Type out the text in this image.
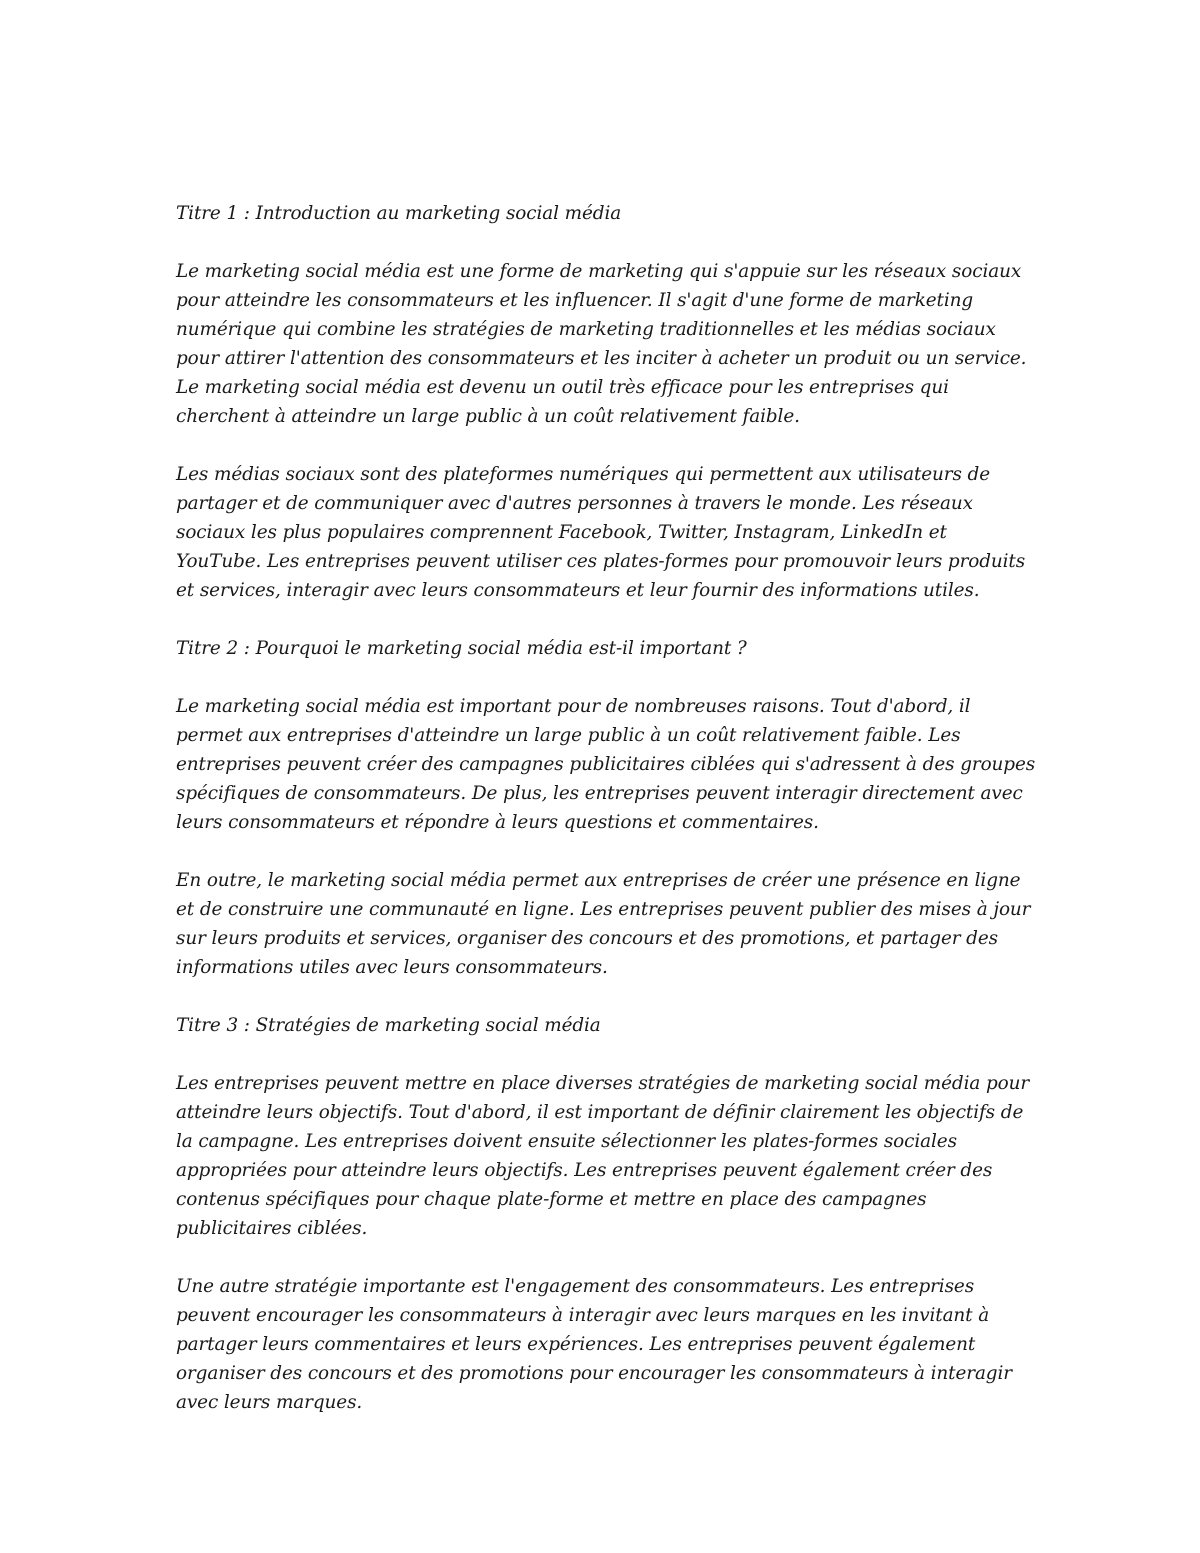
Titre 1 : Introduction au marketing social média

Le marketing social média est une forme de marketing qui s'appuie sur les réseaux sociaux pour atteindre les consommateurs et les influencer. Il s'agit d'une forme de marketing numérique qui combine les stratégies de marketing traditionnelles et les médias sociaux pour attirer l'attention des consommateurs et les inciter à acheter un produit ou un service. Le marketing social média est devenu un outil très efficace pour les entreprises qui cherchent à atteindre un large public à un coût relativement faible.

Les médias sociaux sont des plateformes numériques qui permettent aux utilisateurs de partager et de communiquer avec d'autres personnes à travers le monde. Les réseaux sociaux les plus populaires comprennent Facebook, Twitter, Instagram, LinkedIn et YouTube. Les entreprises peuvent utiliser ces plates-formes pour promouvoir leurs produits et services, interagir avec leurs consommateurs et leur fournir des informations utiles.

Titre 2 : Pourquoi le marketing social média est-il important ?

Le marketing social média est important pour de nombreuses raisons. Tout d'abord, il permet aux entreprises d'atteindre un large public à un coût relativement faible. Les entreprises peuvent créer des campagnes publicitaires ciblées qui s'adressent à des groupes spécifiques de consommateurs. De plus, les entreprises peuvent interagir directement avec leurs consommateurs et répondre à leurs questions et commentaires.

En outre, le marketing social média permet aux entreprises de créer une présence en ligne et de construire une communauté en ligne. Les entreprises peuvent publier des mises à jour sur leurs produits et services, organiser des concours et des promotions, et partager des informations utiles avec leurs consommateurs.

Titre 3 : Stratégies de marketing social média

Les entreprises peuvent mettre en place diverses stratégies de marketing social média pour atteindre leurs objectifs. Tout d'abord, il est important de définir clairement les objectifs de la campagne. Les entreprises doivent ensuite sélectionner les plates-formes sociales appropriées pour atteindre leurs objectifs. Les entreprises peuvent également créer des contenus spécifiques pour chaque plate-forme et mettre en place des campagnes publicitaires ciblées.

Une autre stratégie importante est l'engagement des consommateurs. Les entreprises peuvent encourager les consommateurs à interagir avec leurs marques en les invitant à partager leurs commentaires et leurs expériences. Les entreprises peuvent également organiser des concours et des promotions pour encourager les consommateurs à interagir avec leurs marques.
